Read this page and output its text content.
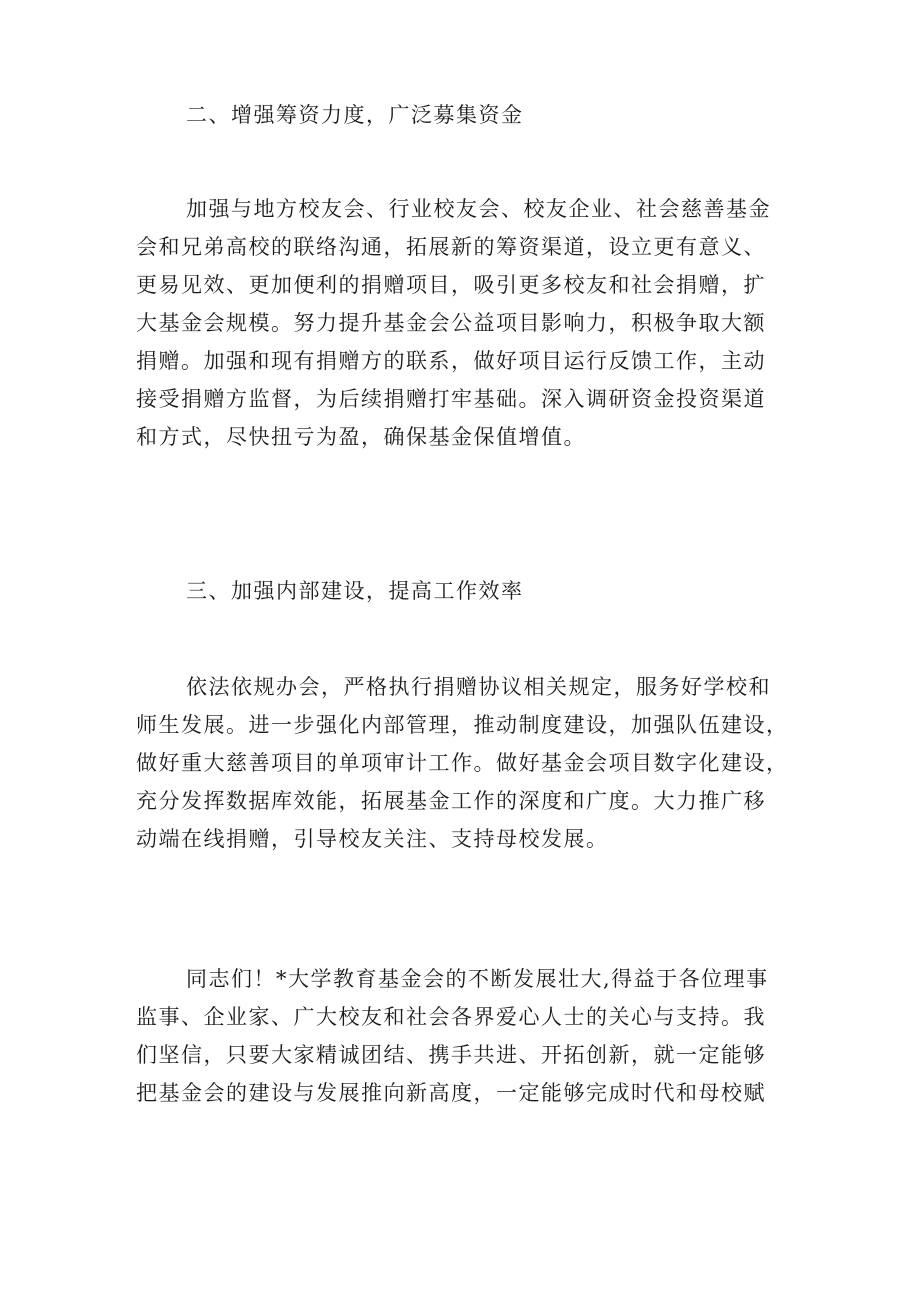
二、增强筹资力度，广泛募集资金
加强与地方校友会、行业校友会、校友企业、社会慈善基金
会和兄弟高校的联络沟通，拓展新的筹资渠道，设立更有意义、
更易见效、更加便利的捐赠项目，吸引更多校友和社会捐赠，扩
大基金会规模。努力提升基金会公益项目影响力，积极争取大额
捐赠。加强和现有捐赠方的联系，做好项目运行反馈工作，主动
接受捐赠方监督，为后续捐赠打牢基础。深入调研资金投资渠道
和方式，尽快扭亏为盈，确保基金保值增值。
三、加强内部建设，提高工作效率
依法依规办会，严格执行捐赠协议相关规定，服务好学校和
师生发展。进一步强化内部管理，推动制度建设，加强队伍建设，
做好重大慈善项目的单项审计工作。做好基金会项目数字化建设，
充分发挥数据库效能，拓展基金工作的深度和广度。大力推广移
动端在线捐赠，引导校友关注、支持母校发展。
同志们！*大学教育基金会的不断发展壮大,得益于各位理事
监事、企业家、广大校友和社会各界爱心人士的关心与支持。我
们坚信，只要大家精诚团结、携手共进、开拓创新，就一定能够
把基金会的建设与发展推向新高度，一定能够完成时代和母校赋
